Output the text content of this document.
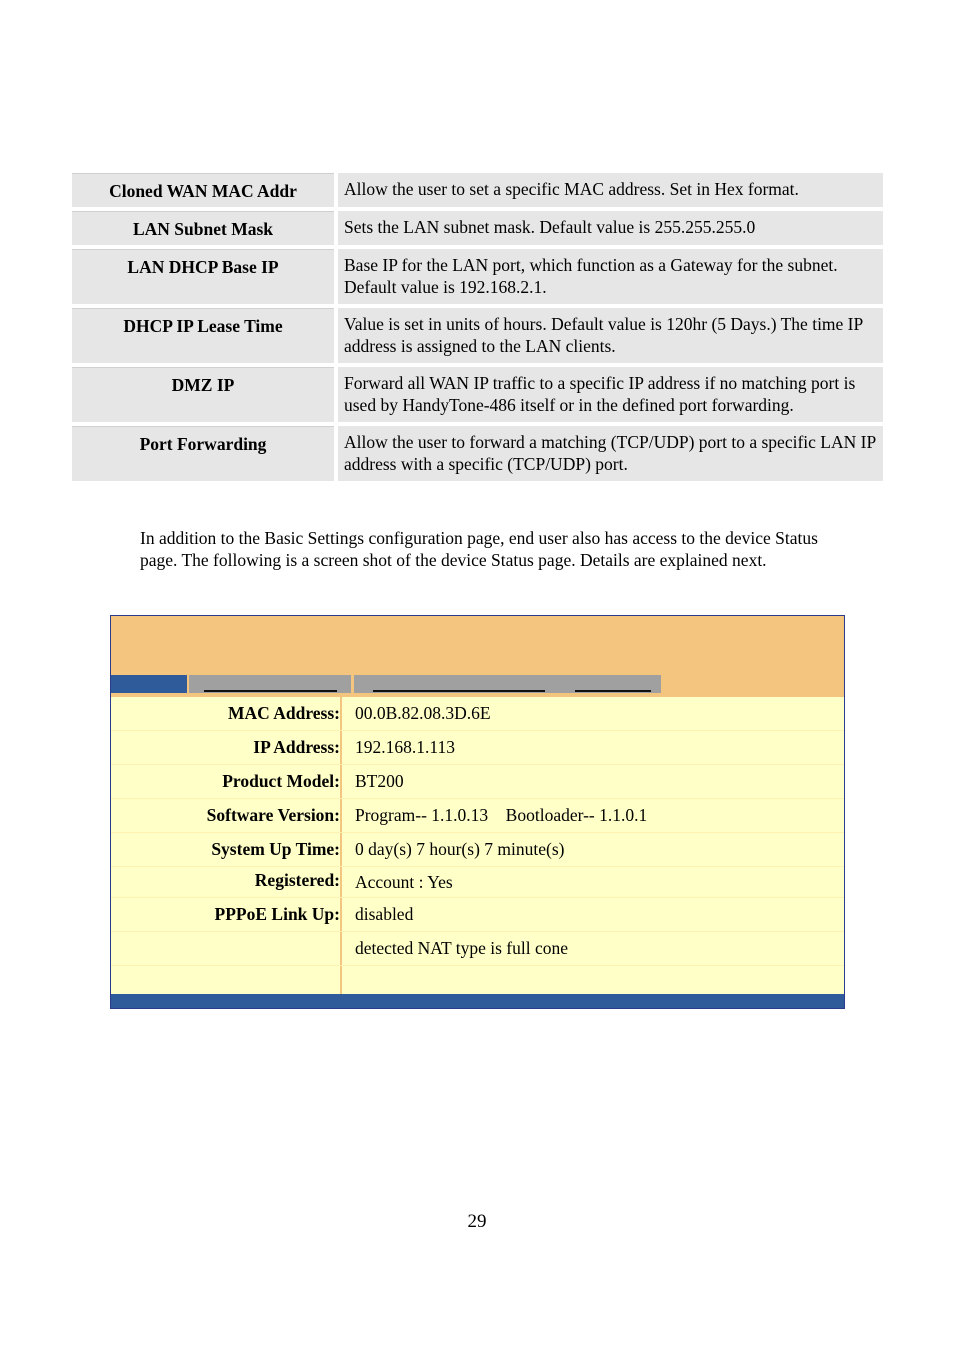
Cloned WAN MAC Addr	Allow the user to set a specific MAC address. Set in Hex format.
LAN Subnet Mask	Sets the LAN subnet mask. Default value is 255.255.255.0
LAN DHCP Base IP	Base IP for the LAN port, which function as a Gateway for the subnet. Default value is 192.168.2.1.
DHCP IP Lease Time	Value is set in units of hours. Default value is 120hr (5 Days.) The time IP address is assigned to the LAN clients.
DMZ IP	Forward all WAN IP traffic to a specific IP address if no matching port is used by HandyTone-486 itself or in the defined port forwarding.
Port Forwarding	Allow the user to forward a matching (TCP/UDP) port to a specific LAN IP address with a specific (TCP/UDP) port.
In addition to the Basic Settings configuration page, end user also has access to the device Status page. The following is a screen shot of the device Status page. Details are explained next.
MAC Address: 00.0B.82.08.3D.6E
IP Address: 192.168.1.113
Product Model: BT200
Software Version: Program-- 1.1.0.13    Bootloader-- 1.1.0.1
System Up Time: 0 day(s) 7 hour(s) 7 minute(s)
Registered: Account : Yes
PPPoE Link Up: disabled
detected NAT type is full cone
29
